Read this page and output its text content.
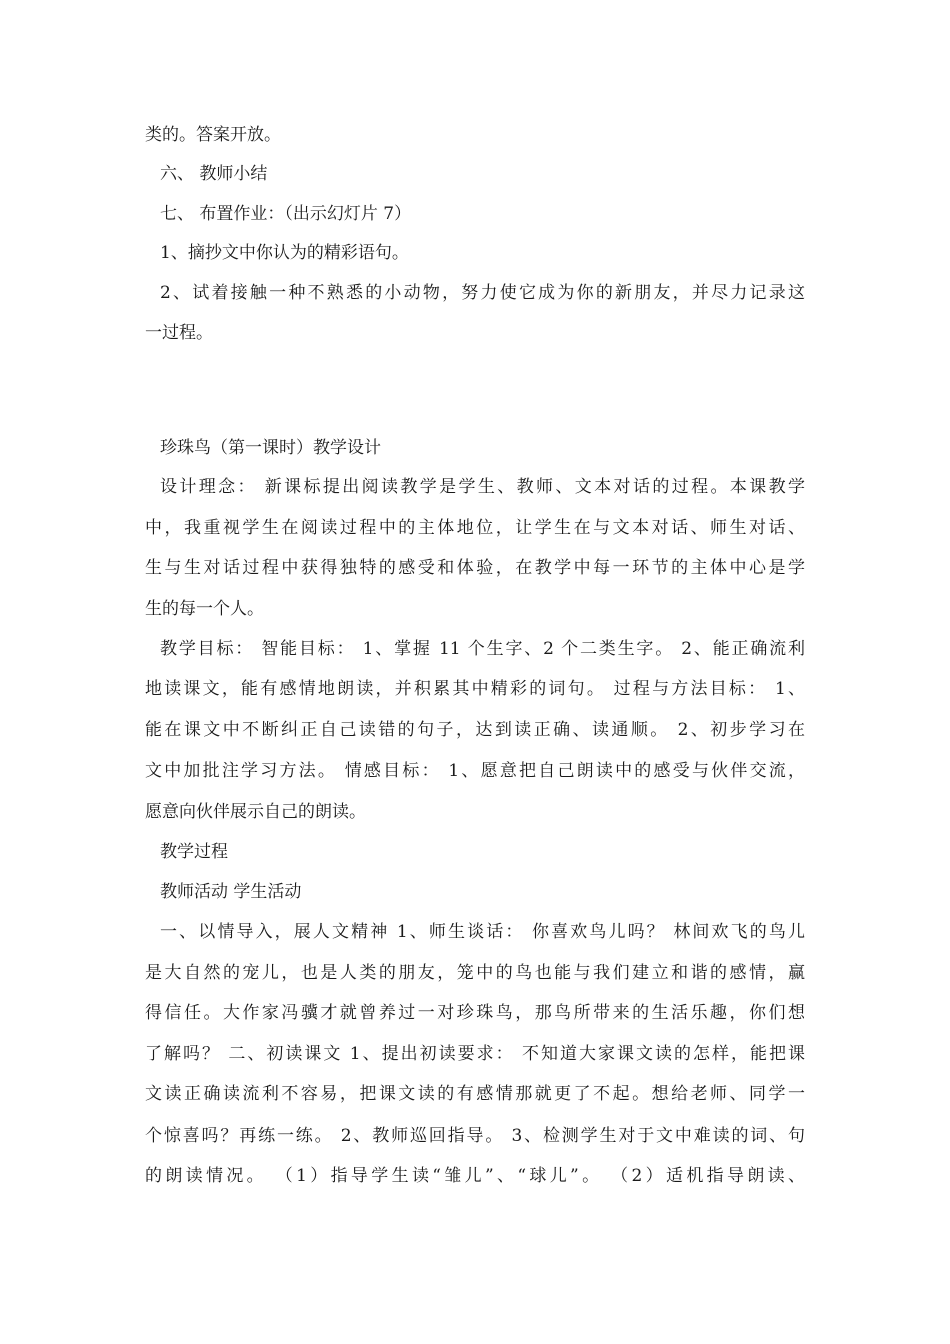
类的。答案开放。
六、 教师小结
七、 布置作业：（出示幻灯片 7）
1、摘抄文中你认为的精彩语句。
2、试着接触一种不熟悉的小动物，努力使它成为你的新朋友，并尽力记录这
一过程。
珍珠鸟（第一课时）教学设计
设计理念： 新课标提出阅读教学是学生、教师、文本对话的过程。本课教学
中，我重视学生在阅读过程中的主体地位，让学生在与文本对话、师生对话、
生与生对话过程中获得独特的感受和体验，在教学中每一环节的主体中心是学
生的每一个人。
教学目标： 智能目标： 1、掌握 11 个生字、2 个二类生字。 2、能正确流利
地读课文，能有感情地朗读，并积累其中精彩的词句。 过程与方法目标： 1、
能在课文中不断纠正自己读错的句子，达到读正确、读通顺。 2、初步学习在
文中加批注学习方法。 情感目标： 1、愿意把自己朗读中的感受与伙伴交流，
愿意向伙伴展示自己的朗读。
教学过程
教师活动 学生活动
一、以情导入，展人文精神 1、师生谈话： 你喜欢鸟儿吗？ 林间欢飞的鸟儿
是大自然的宠儿，也是人类的朋友，笼中的鸟也能与我们建立和谐的感情，赢
得信任。大作家冯骥才就曾养过一对珍珠鸟，那鸟所带来的生活乐趣，你们想
了解吗？ 二、初读课文 1、提出初读要求： 不知道大家课文读的怎样，能把课
文读正确读流利不容易，把课文读的有感情那就更了不起。想给老师、同学一
个惊喜吗？再练一练。 2、教师巡回指导。 3、检测学生对于文中难读的词、句
的朗读情况。 （1）指导学生读“雏儿”、“球儿”。 （2）适机指导朗读、
